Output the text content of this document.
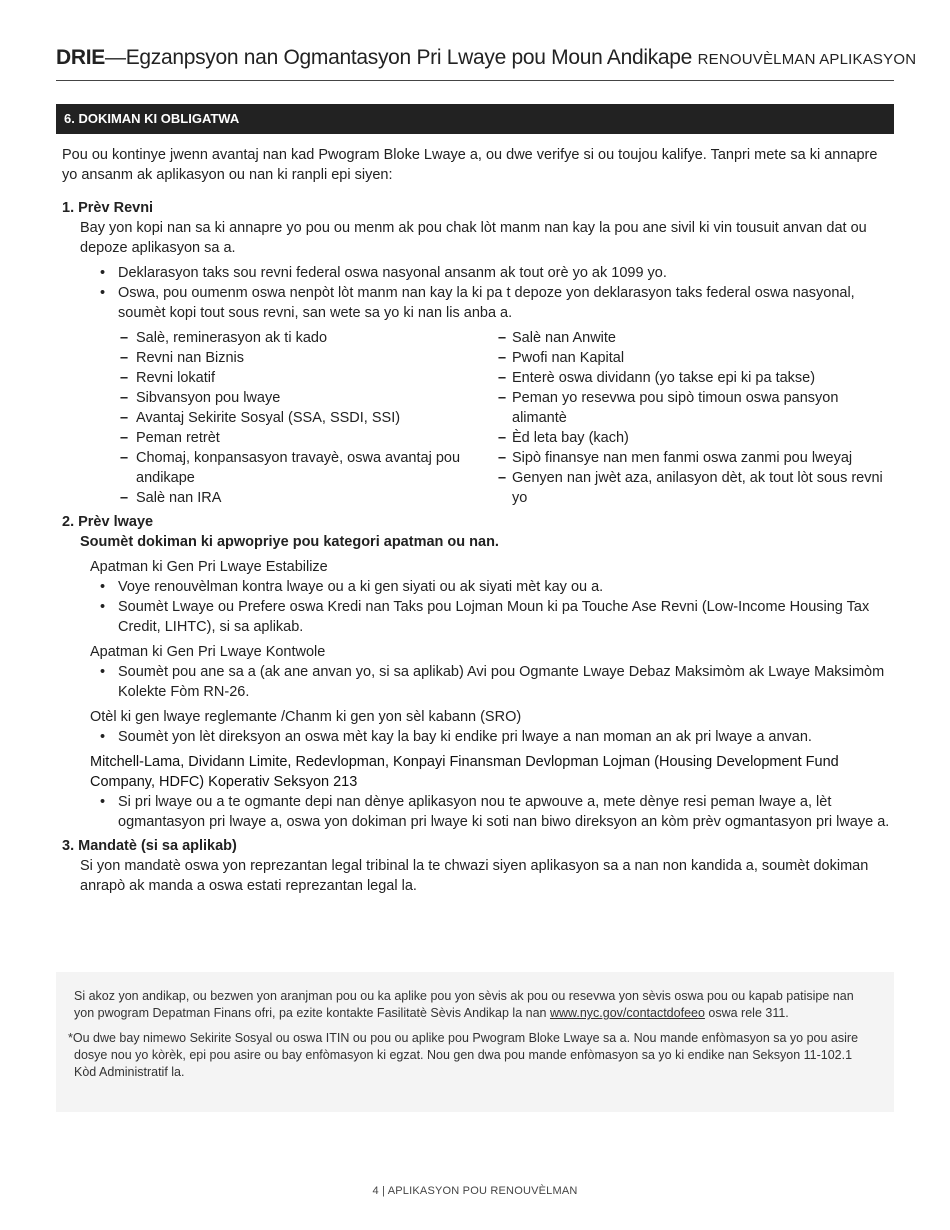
DRIE—Egzanpsyon nan Ogmantasyon Pri Lwaye pou Moun Andikape RENOUVÈLMAN APLIKASYON
6. DOKIMAN KI OBLIGATWA

Pou ou kontinye jwenn avantaj nan kad Pwogram Bloke Lwaye a, ou dwe verifye si ou toujou kalifye. Tanpri mete sa ki annapre yo ansanm ak aplikasyon ou nan ki ranpli epi siyen:

1. Prèv Revni

Bay yon kopi nan sa ki annapre yo pou ou menm ak pou chak lòt manm nan kay la pou ane sivil ki vin tousuit anvan dat ou depoze aplikasyon sa a.

• Deklarasyon taks sou revni federal oswa nasyonal ansanm ak tout orè yo ak 1099 yo.
• Oswa, pou oumenm oswa nenpòt lòt manm nan kay la ki pa t depoze yon deklarasyon taks federal oswa nasyonal, soumèt kopi tout sous revni, san wete sa yo ki nan lis anba a.
– Salè, reminerasyon ak ti kado
– Revni nan Biznis
– Revni lokatif
– Sibvansyon pou lwaye
– Avantaj Sekirite Sosyal (SSA, SSDI, SSI)
– Peman retrèt
– Chomaj, konpansasyon travayè, oswa avantaj pou andikape
– Salè nan IRA
– Salè nan Anwite
– Pwofi nan Kapital
– Enterè oswa dividann (yo takse epi ki pa takse)
– Peman yo resevwa pou sipò timoun oswa pansyon alimantè
– Èd leta bay (kach)
– Sipò finansye nan men fanmi oswa zanmi pou lweyaj
– Genyen nan jwèt aza, anilasyon dèt, ak tout lòt sous revni yo

2. Prèv lwaye

Soumèt dokiman ki apwopriye pou kategori apatman ou nan.

Apatman ki Gen Pri Lwaye Estabilize

• Voye renouvèlman kontra lwaye ou a ki gen siyati ou ak siyati mèt kay ou a.
• Soumèt Lwaye ou Prefere oswa Kredi nan Taks pou Lojman Moun ki pa Touche Ase Revni (Low-Income Housing Tax Credit, LIHTC), si sa aplikab.

Apatman ki Gen Pri Lwaye Kontwole

• Soumèt pou ane sa a (ak ane anvan yo, si sa aplikab) Avi pou Ogmante Lwaye Debaz Maksimòm ak Lwaye Maksimòm Kolekte Fòm RN-26.

Otèl ki gen lwaye reglemante /Chanm ki gen yon sèl kabann (SRO)

• Soumèt yon lèt direksyon an oswa mèt kay la bay ki endike pri lwaye a nan moman an ak pri lwaye a anvan.

Mitchell-Lama, Dividann Limite, Redevlopman, Konpayi Finansman Devlopman Lojman (Housing Development Fund Company, HDFC) Koperativ Seksyon 213

• Si pri lwaye ou a te ogmante depi nan dènye aplikasyon nou te apwouve a, mete dènye resi peman lwaye a, lèt ogmantasyon pri lwaye a, oswa yon dokiman pri lwaye ki soti nan biwo direksyon an kòm prèv ogmantasyon pri lwaye a.

3. Mandatè (si sa aplikab)

Si yon mandatè oswa yon reprezantan legal tribinal la te chwazi siyen aplikasyon sa a nan non kandida a, soumèt dokiman anrapò ak manda a oswa estati reprezantan legal la.

Si akoz yon andikap, ou bezwen yon aranjman pou ou ka aplike pou yon sèvis ak pou ou resevwa yon sèvis oswa pou ou kapab patisipe nan yon pwogram Depatman Finans ofri, pa ezite kontakte Fasilitatè Sèvis Andikap la nan www.nyc.gov/contactdofeeo oswa rele 311.

*Ou dwe bay nimewo Sekirite Sosyal ou oswa ITIN ou pou ou aplike pou Pwogram Bloke Lwaye sa a. Nou mande enfòmasyon sa yo pou asire dosye nou yo kòrèk, epi pou asire ou bay enfòmasyon ki egzat. Nou gen dwa pou mande enfòmasyon sa yo ki endike nan Seksyon 11-102.1 Kòd Administratif la.

4 | APLIKASYON POU RENOUVÈLMAN
